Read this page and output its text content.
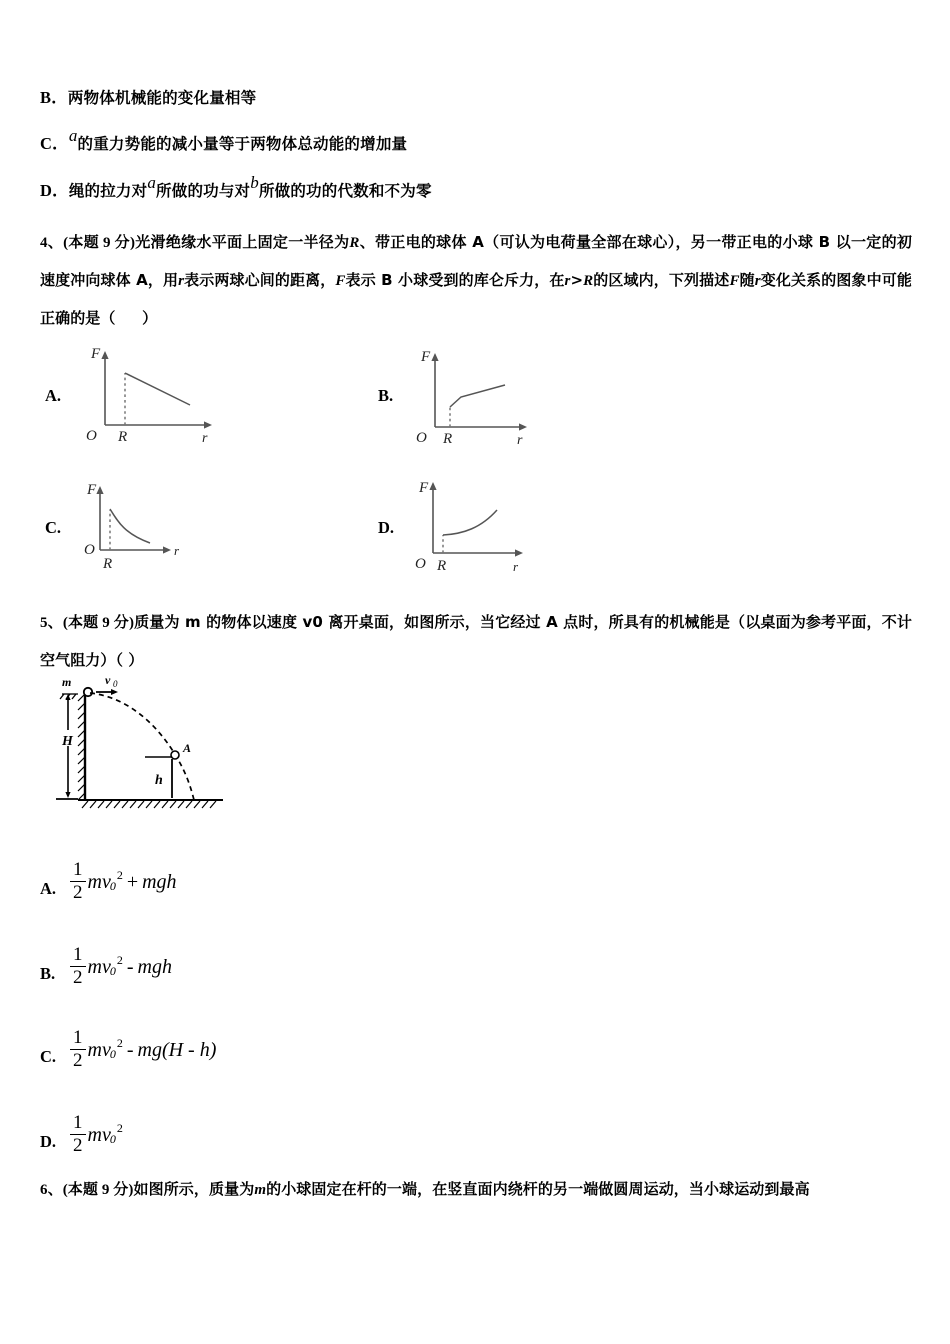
B．两物体机械能的变化量相等
C．a的重力势能的减小量等于两物体总动能的增加量
D．绳的拉力对a所做的功与对b所做的功的代数和不为零
4、(本题 9 分)光滑绝缘水平面上固定一半径为R、带正电的球体 A（可认为电荷量全部在球心），另一带正电的小球 B 以一定的初速度冲向球体 A，用r表示两球心间的距离，F表示 B 小球受到的库仑斥力，在r>R的区域内，下列描述F随r变化关系的图象中可能正确的是（     ）
A.
F
O R	r
B.
F
O R	r
C.
F
O
R
r
D.
F
O R	r
5、(本题 9 分)质量为 m 的物体以速度 v0 离开桌面，如图所示，当它经过 A 点时，所具有的机械能是（以桌面为参考平面，不计空气阻力）（ ）
m	v 0
H	A
h
A. $\frac{1}{2}$ mv 0
2 + mgh
B. $\frac{1}{2}$ mv 0
2 - mgh
C. $\frac{1}{2}$ mv 0
2 - mg(H - h)
D. $\frac{1}{2}$ mv 0
2
6、(本题 9 分)如图所示，质量为m的小球固定在杆的一端，在竖直面内绕杆的另一端做圆周运动，当小球运动到最高
